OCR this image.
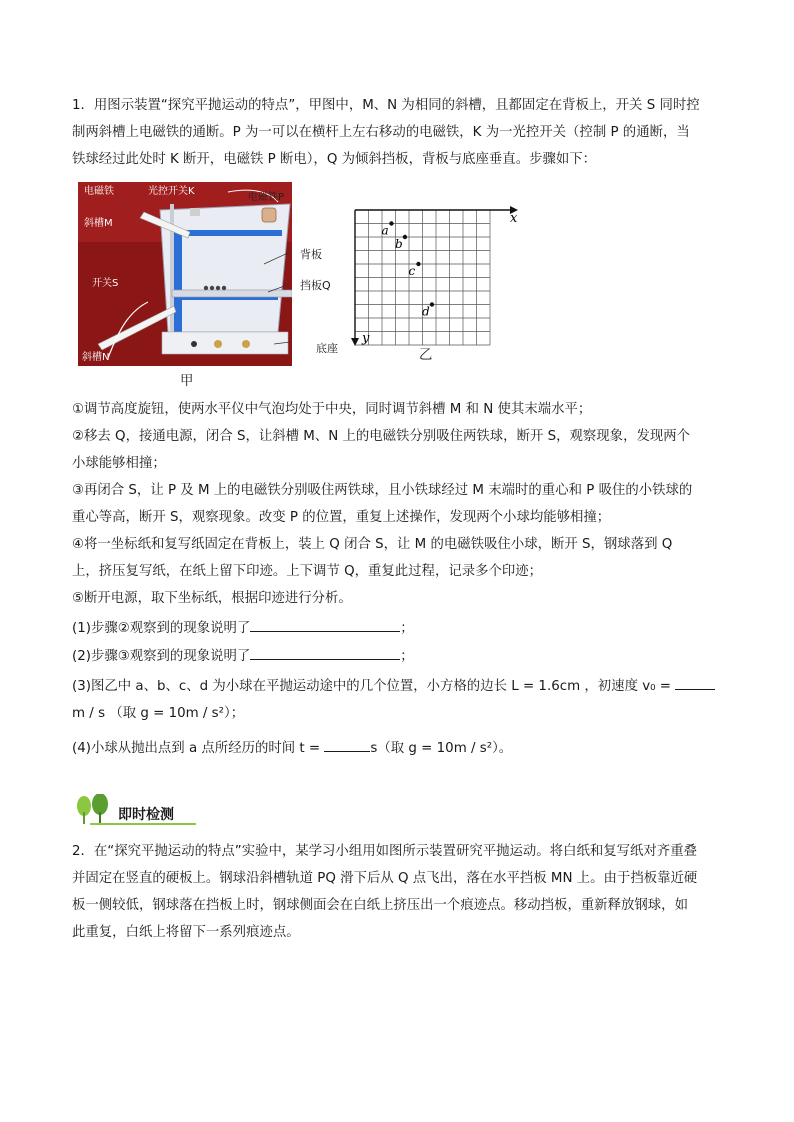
1．用图示装置“探究平抛运动的特点”，甲图中，M、N 为相同的斜槽，且都固定在背板上，开关 S 同时控
制两斜槽上电磁铁的通断。P 为一可以在横杆上左右移动的电磁铁，K 为一光控开关（控制 P 的通断，当
铁球经过此处时 K 断开，电磁铁 P 断电），Q 为倾斜挡板，背板与底座垂直。步骤如下：
电磁铁	光控开关K
电磁铁P
斜槽M
开关S
斜槽N
背板
挡板Q
底座
甲
x
y
a
b
c
d
乙
①调节高度旋钮，使两水平仪中气泡均处于中央，同时调节斜槽 M 和 N 使其末端水平；
②移去 Q，接通电源，闭合 S，让斜槽 M、N 上的电磁铁分别吸住两铁球，断开 S，观察现象，发现两个
小球能够相撞；
③再闭合 S，让 P 及 M 上的电磁铁分别吸住两铁球，且小铁球经过 M 末端时的重心和 P 吸住的小铁球的
重心等高，断开 S，观察现象。改变 P 的位置，重复上述操作，发现两个小球均能够相撞；
④将一坐标纸和复写纸固定在背板上，装上 Q 闭合 S，让 M 的电磁铁吸住小球，断开 S，钢球落到 Q
上，挤压复写纸，在纸上留下印迹。上下调节 Q，重复此过程，记录多个印迹；
⑤断开电源，取下坐标纸，根据印迹进行分析。
(1)步骤②观察到的现象说明了	；
(2)步骤③观察到的现象说明了	；
(3)图乙中 a、b、c、d 为小球在平抛运动途中的几个位置，小方格的边长 L = 1.6cm ，初速度 v₀ =
m / s （取 g = 10m / s²）；
(4)小球从抛出点到 a 点所经历的时间 t =	s（取 g = 10m / s²）。
即时检测
2．在“探究平抛运动的特点”实验中，某学习小组用如图所示装置研究平抛运动。将白纸和复写纸对齐重叠
并固定在竖直的硬板上。钢球沿斜槽轨道 PQ 滑下后从 Q 点飞出，落在水平挡板 MN 上。由于挡板靠近硬
板一侧较低，钢球落在挡板上时，钢球侧面会在白纸上挤压出一个痕迹点。移动挡板，重新释放钢球，如
此重复，白纸上将留下一系列痕迹点。
